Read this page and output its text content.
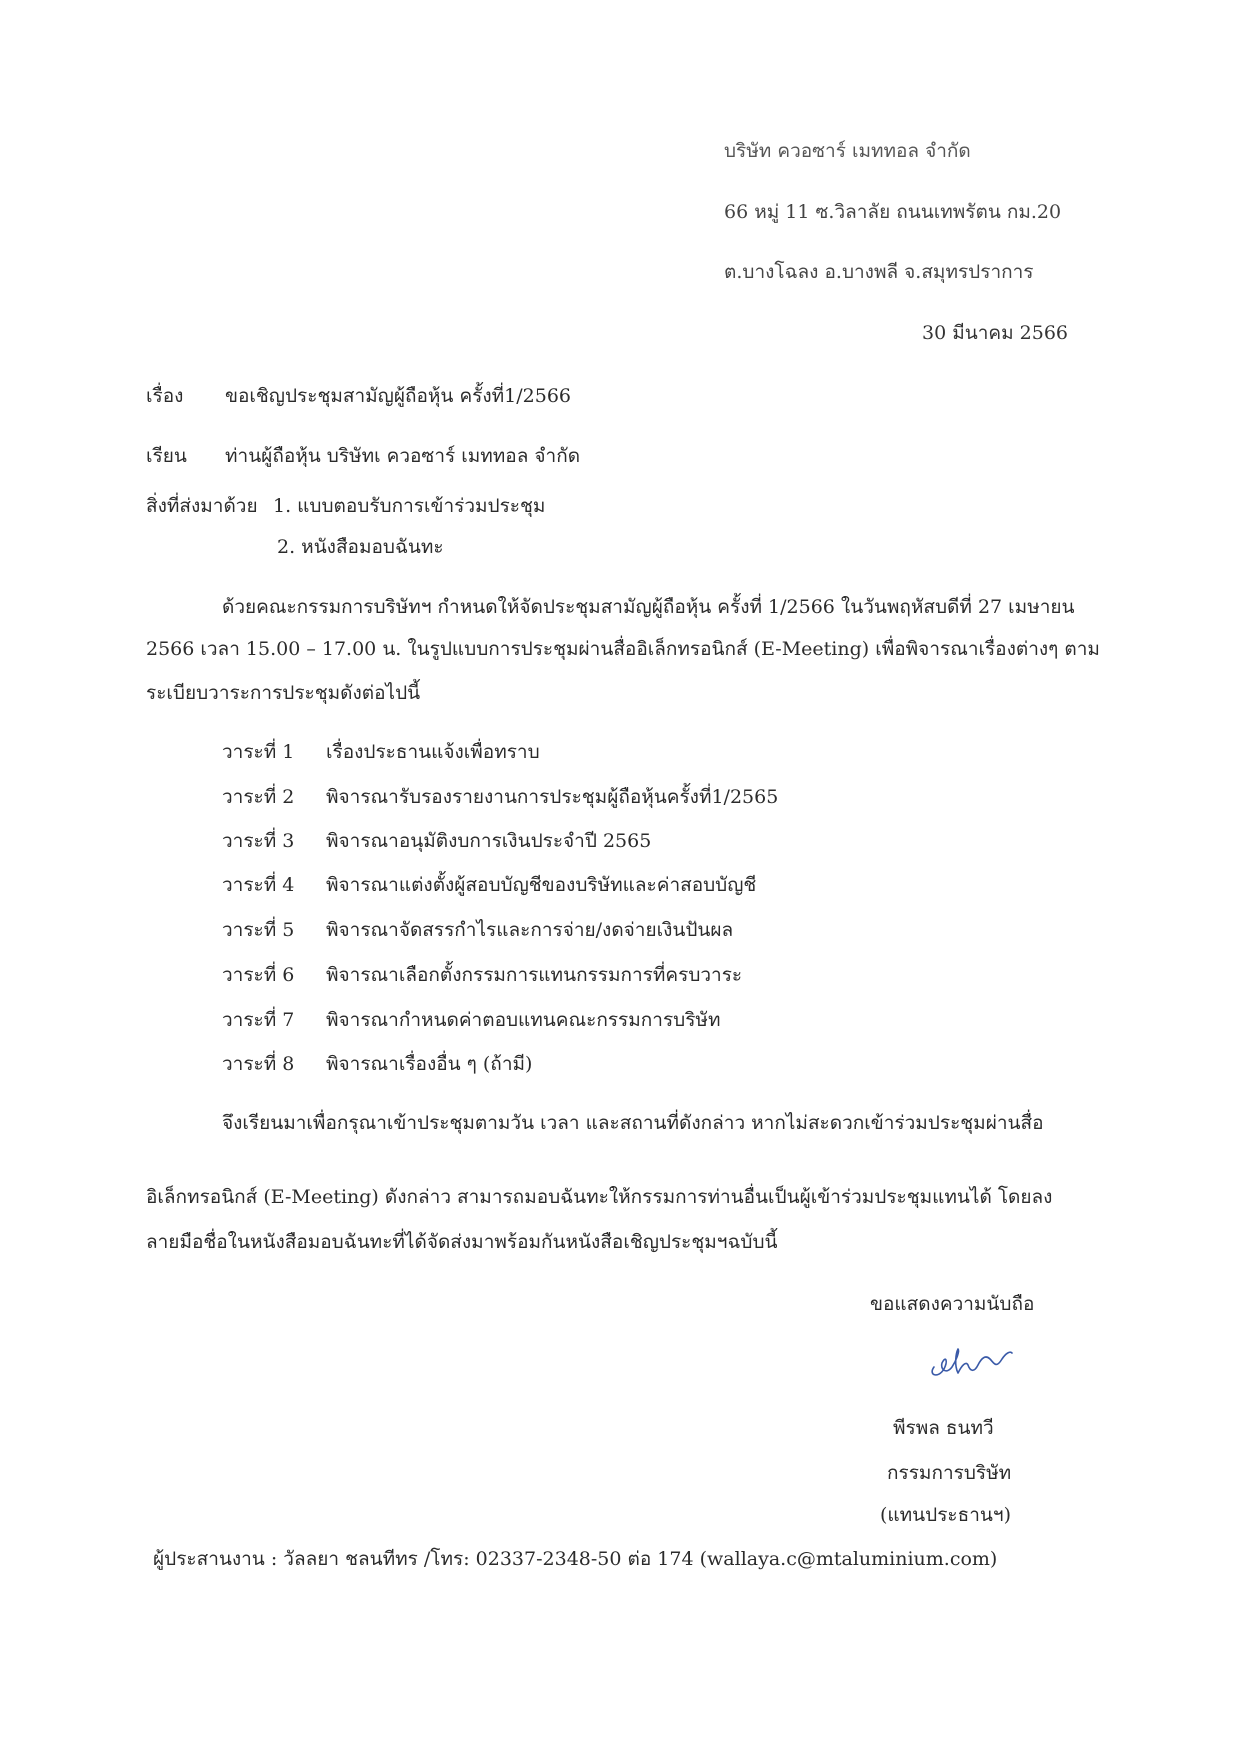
บริษัท ควอซาร์ เมททอล จำกัด
66 หมู่ 11 ซ.วิลาลัย ถนนเทพรัตน กม.20
ต.บางโฉลง อ.บางพลี จ.สมุทรปราการ
30 มีนาคม 2566
เรื่อง ขอเชิญประชุมสามัญผู้ถือหุ้น ครั้งที่1/2566
เรียน ท่านผู้ถือหุ้น บริษัทเ ควอซาร์ เมททอล จำกัด
สิ่งที่ส่งมาด้วย 1. แบบตอบรับการเข้าร่วมประชุม
2. หนังสือมอบฉันทะ
ด้วยคณะกรรมการบริษัทฯ กำหนดให้จัดประชุมสามัญผู้ถือหุ้น ครั้งที่ 1/2566 ในวันพฤหัสบดีที่ 27 เมษายน
2566 เวลา 15.00 – 17.00 น. ในรูปแบบการประชุมผ่านสื่ออิเล็กทรอนิกส์ (E-Meeting) เพื่อพิจารณาเรื่องต่างๆ ตาม
ระเบียบวาระการประชุมดังต่อไปนี้
วาระที่ 1 เรื่องประธานแจ้งเพื่อทราบ
วาระที่ 2 พิจารณารับรองรายงานการประชุมผู้ถือหุ้นครั้งที่1/2565
วาระที่ 3 พิจารณาอนุมัติงบการเงินประจำปี 2565
วาระที่ 4 พิจารณาแต่งตั้งผู้สอบบัญชีของบริษัทและค่าสอบบัญชี
วาระที่ 5 พิจารณาจัดสรรกำไรและการจ่าย/งดจ่ายเงินปันผล
วาระที่ 6 พิจารณาเลือกตั้งกรรมการแทนกรรมการที่ครบวาระ
วาระที่ 7 พิจารณากำหนดค่าตอบแทนคณะกรรมการบริษัท
วาระที่ 8 พิจารณาเรื่องอื่น ๆ (ถ้ามี)
จึงเรียนมาเพื่อกรุณาเข้าประชุมตามวัน เวลา และสถานที่ดังกล่าว หากไม่สะดวกเข้าร่วมประชุมผ่านสื่อ
อิเล็กทรอนิกส์ (E-Meeting) ดังกล่าว สามารถมอบฉันทะให้กรรมการท่านอื่นเป็นผู้เข้าร่วมประชุมแทนได้ โดยลง
ลายมือชื่อในหนังสือมอบฉันทะที่ได้จัดส่งมาพร้อมกันหนังสือเชิญประชุมฯฉบับนี้
ขอแสดงความนับถือ
พีรพล ธนทวี
กรรมการบริษัท
(แทนประธานฯ)
ผู้ประสานงาน : วัลลยา ชลนทีทร /โทร: 02337-2348-50 ต่อ 174 (wallaya.c@mtaluminium.com)
